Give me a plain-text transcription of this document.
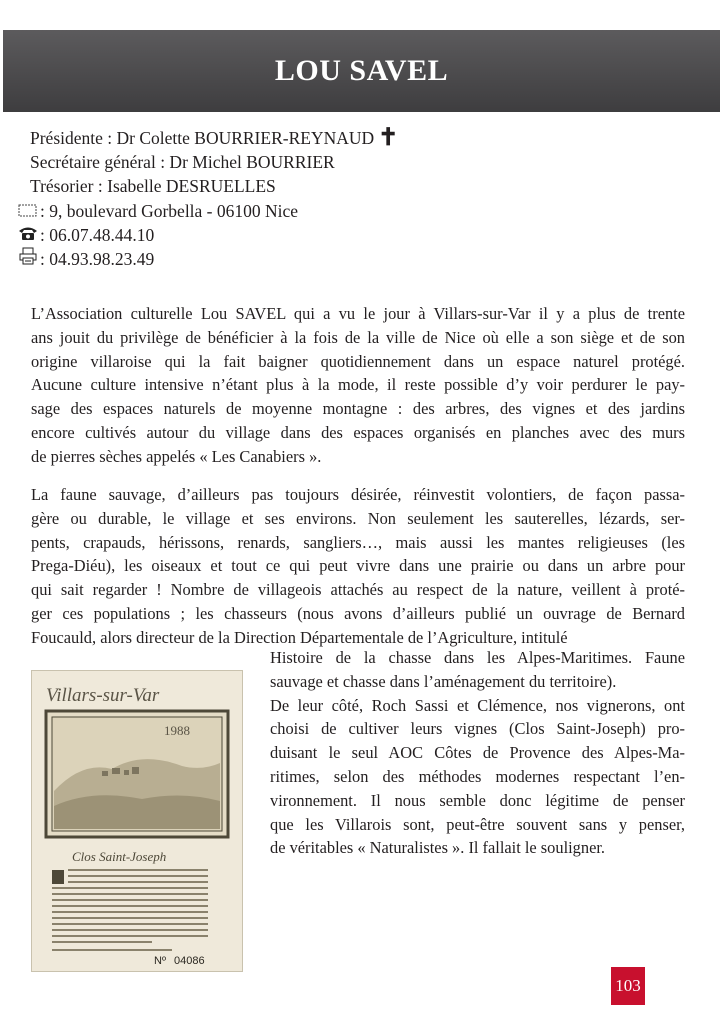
LOU SAVEL
Présidente : Dr Colette BOURRIER-REYNAUD ✝
Secrétaire général : Dr Michel BOURRIER
Trésorier : Isabelle DESRUELLES
: 9, boulevard Gorbella - 06100 Nice
: 06.07.48.44.10
: 04.93.98.23.49
L’Association culturelle Lou SAVEL qui a vu le jour à Villars-sur-Var il y a plus de trente
ans jouit du privilège de bénéficier à la fois de la ville de Nice où elle a son siège et de son
origine villaroise qui la fait baigner quotidiennement dans un espace naturel protégé.
Aucune culture intensive n’étant plus à la mode, il reste possible d’y voir perdurer le pay-
sage des espaces naturels de moyenne montagne : des arbres, des vignes et des jardins
encore cultivés autour du village dans des espaces organisés en planches avec des murs
de pierres sèches appelés « Les Canabiers ».
La faune sauvage, d’ailleurs pas toujours désirée, réinvestit volontiers, de façon passa-
gère ou durable, le village et ses environs. Non seulement les sauterelles, lézards, ser-
pents, crapauds, hérissons, renards, sangliers…, mais aussi les mantes religieuses (les
Prega-Diéu), les oiseaux et tout ce qui peut vivre dans une prairie ou dans un arbre pour
qui sait regarder ! Nombre de villageois attachés au respect de la nature, veillent à proté-
ger ces populations ; les chasseurs (nous avons d’ailleurs publié un ouvrage de Bernard
Foucauld, alors directeur de la Direction Départementale de l’Agriculture, intitulé
Villars-sur-Var
1988
Clos Saint-Joseph
Nº 04086
Histoire de la chasse dans les Alpes-Maritimes. Faune
sauvage et chasse dans l’aménagement du territoire).
De leur côté, Roch Sassi et Clémence, nos vignerons, ont
choisi de cultiver leurs vignes (Clos Saint-Joseph) pro-
duisant le seul AOC Côtes de Provence des Alpes-Ma-
ritimes, selon des méthodes modernes respectant l’en-
vironnement. Il nous semble donc légitime de penser
que les Villarois sont, peut-être souvent sans y penser,
de véritables « Naturalistes ». Il fallait le souligner.
103
